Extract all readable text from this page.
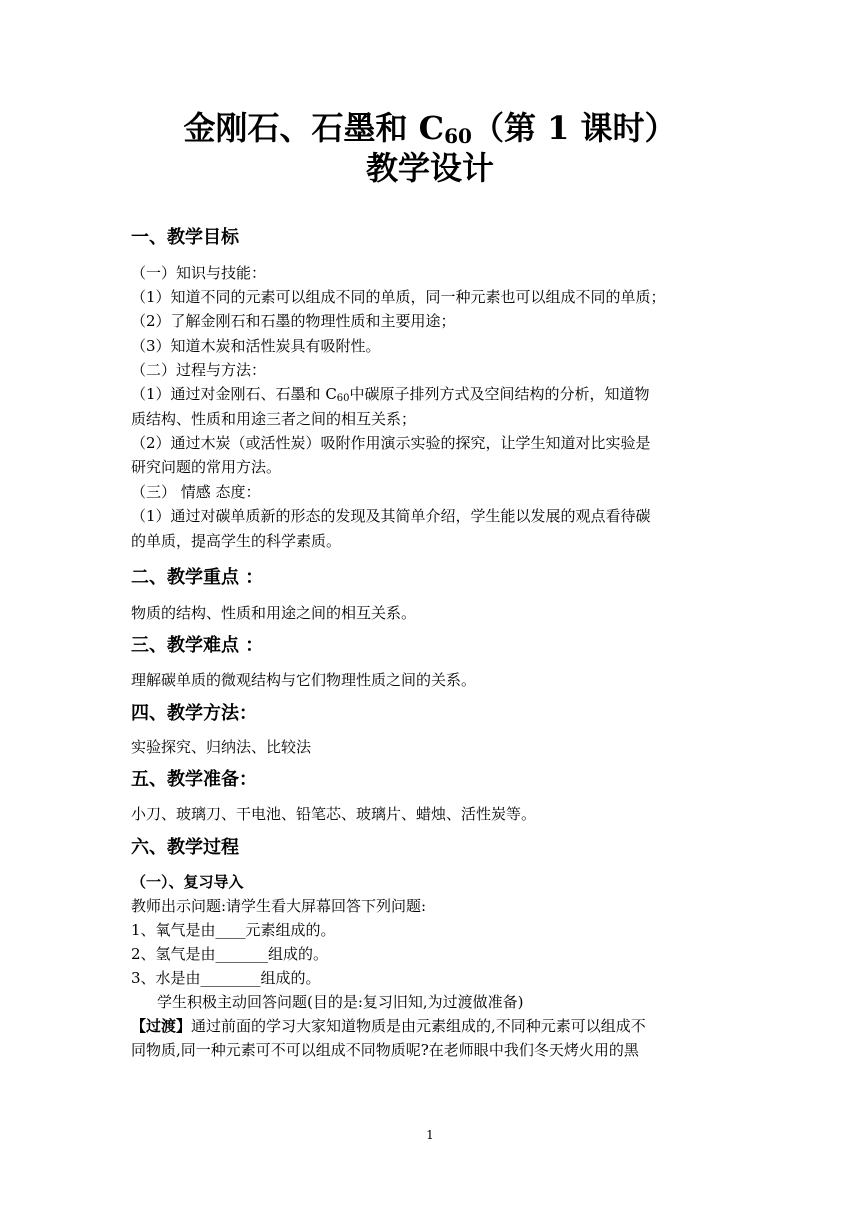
金刚石、石墨和 $C_{60}$（第 1 课时）
教学设计
一、教学目标

（一）知识与技能：

（1）知道不同的元素可以组成不同的单质，同一种元素也可以组成不同的单质；

（2）了解金刚石和石墨的物理性质和主要用途；

（3）知道木炭和活性炭具有吸附性。

（二）过程与方法：

（1）通过对金刚石、石墨和 $C_{60}$中碳原子排列方式及空间结构的分析，知道物

质结构、性质和用途三者之间的相互关系；

（2）通过木炭（或活性炭）吸附作用演示实验的探究，让学生知道对比实验是

研究问题的常用方法。

（三） 情感 态度：

（1）通过对碳单质新的形态的发现及其简单介绍，学生能以发展的观点看待碳

的单质，提高学生的科学素质。

二、教学重点 ：

物质的结构、性质和用途之间的相互关系。

三、教学难点 ：

理解碳单质的微观结构与它们物理性质之间的关系。

四、教学方法：

实验探究、归纳法、比较法

五、教学准备：

小刀、玻璃刀、干电池、铅笔芯、玻璃片、蜡烛、活性炭等。

六、教学过程

（一）、复习导入

教师出示问题:请学生看大屏幕回答下列问题:

1、氧气是由____元素组成的。

2、氢气是由_______组成的。

3、水是由________组成的。

学生积极主动回答问题(目的是:复习旧知,为过渡做准备)

【过渡】通过前面的学习大家知道物质是由元素组成的,不同种元素可以组成不

同物质,同一种元素可不可以组成不同物质呢?在老师眼中我们冬天烤火用的黑

1
